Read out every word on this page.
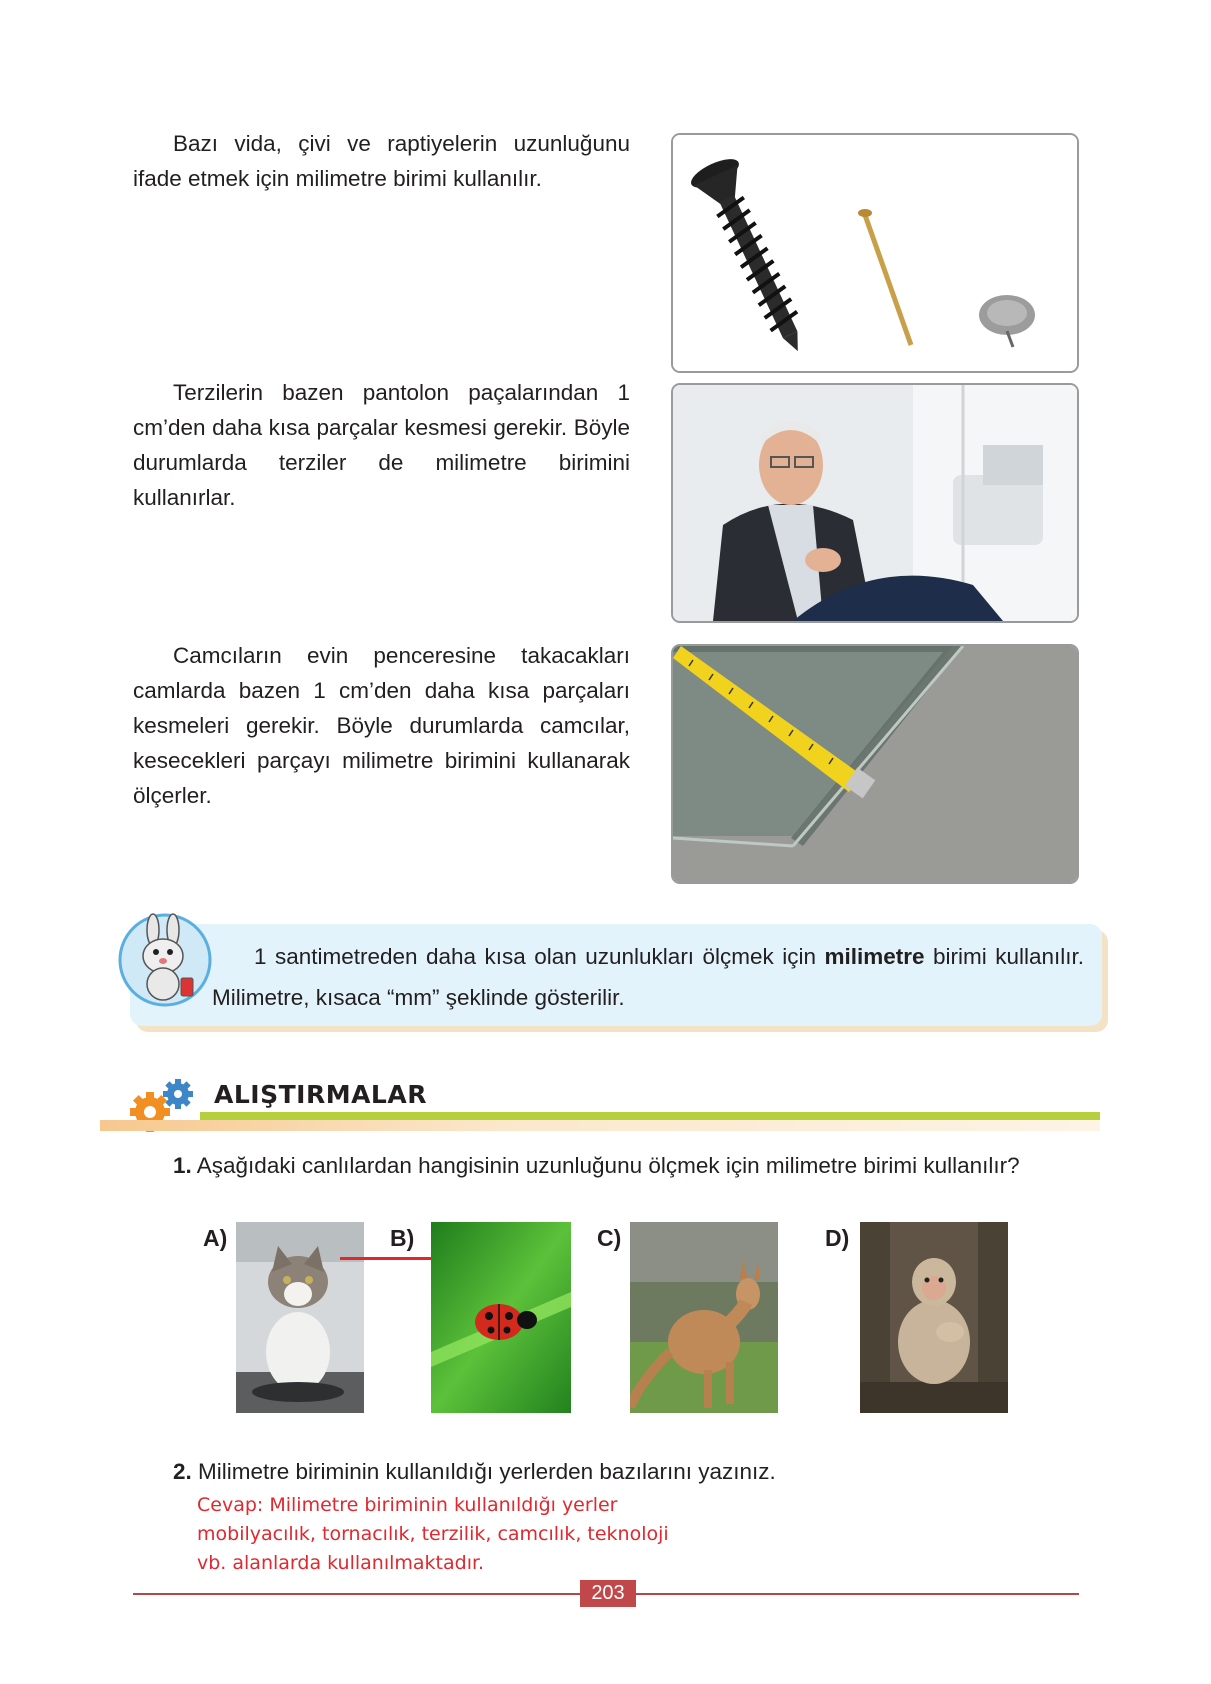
Bazı vida, çivi ve raptiyelerin uzunluğunu ifade etmek için milimetre birimi kullanılır.

Terzilerin bazen pantolon paçalarından 1 cm’den daha kısa parçalar kesmesi gerekir. Böyle durumlarda terziler de milimetre birimini kullanırlar.

Camcıların evin penceresine takacakları camlarda bazen 1 cm’den daha kısa parçaları kesmeleri gerekir. Böyle durumlarda camcılar, kesecekleri parçayı milimetre birimini kullanarak ölçerler.

1 santimetreden daha kısa olan uzunlukları ölçmek için milimetre birimi kullanılır. Milimetre, kısaca “mm” şeklinde gösterilir.

ALIŞTIRMALAR

1. Aşağıdaki canlılardan hangisinin uzunluğunu ölçmek için milimetre birimi kullanılır?

A)	B)	C)	D)

2. Milimetre biriminin kullanıldığı yerlerden bazılarını yazınız.

Cevap: Milimetre biriminin kullanıldığı yerler
mobilyacılık, tornacılık, terzilik, camcılık, teknoloji
vb. alanlarda kullanılmaktadır.
203
